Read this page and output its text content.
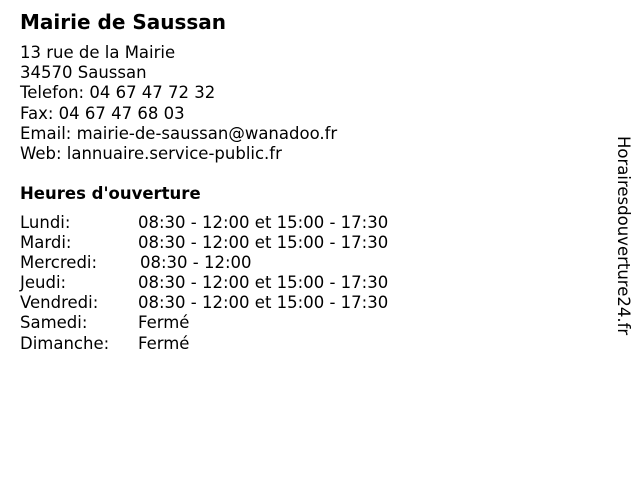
Mairie de Saussan
13 rue de la Mairie
34570 Saussan
Telefon: 04 67 47 72 32
Fax: 04 67 47 68 03
Email: mairie-de-saussan@wanadoo.fr
Web: lannuaire.service-public.fr
Heures d'ouverture
Lundi:	08:30 - 12:00 et 15:00 - 17:30
Mardi:	08:30 - 12:00 et 15:00 - 17:30
Mercredi:	08:30 - 12:00
Jeudi:	08:30 - 12:00 et 15:00 - 17:30
Vendredi:	08:30 - 12:00 et 15:00 - 17:30
Samedi:	Fermé
Dimanche:	Fermé
Horairesdouverture24.fr
